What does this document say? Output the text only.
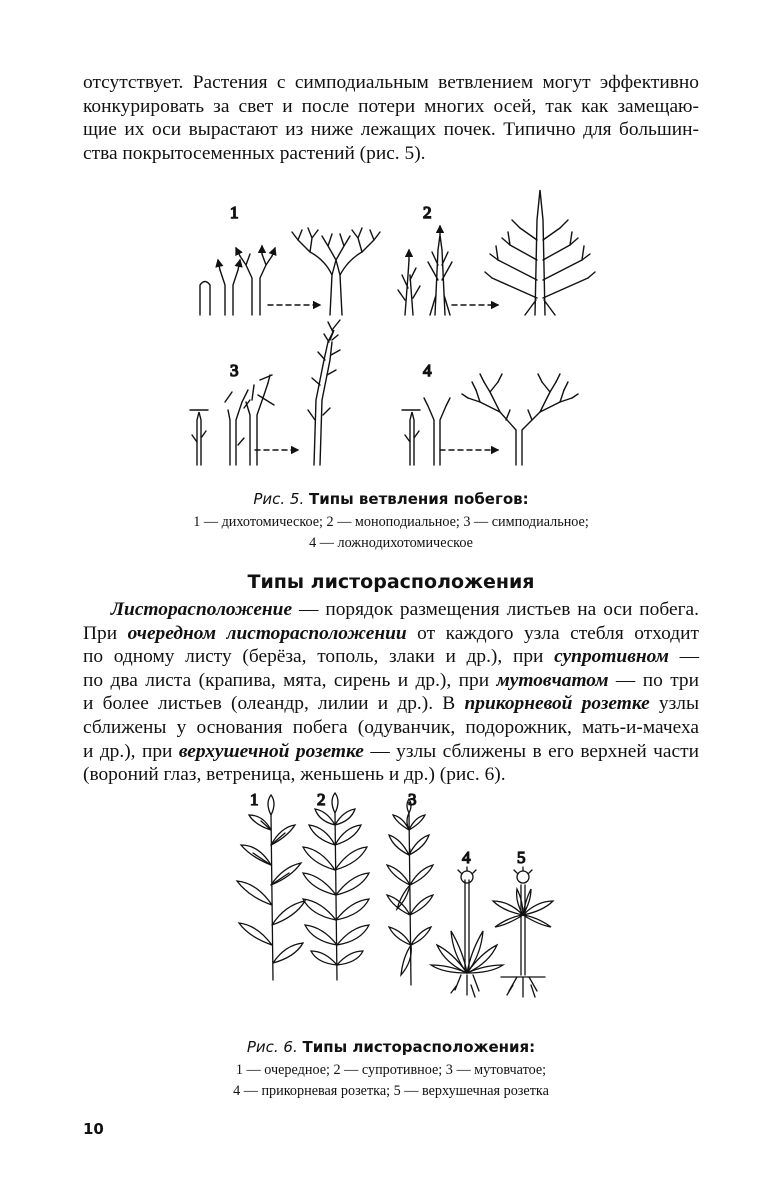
отсутствует. Растения с симподиальным ветвлением могут эффективно
конкурировать за свет и после потери многих осей, так как замещаю-
щие их оси вырастают из ниже лежащих почек. Типично для большин-
ства покрытосеменных растений (рис. 5).
1	2
3	4
Рис. 5. Типы ветвления побегов:
1 — дихотомическое; 2 — моноподиальное; 3 — симподиальное;
4 — ложнодихотомическое
Типы листорасположения
Листорасположение — порядок размещения листьев на оси побега.
При очередном листорасположении от каждого узла стебля отходит
по одному листу (берёза, тополь, злаки и др.), при супротивном —
по два листа (крапива, мята, сирень и др.), при мутовчатом — по три
и более листьев (олеандр, лилии и др.). В прикорневой розетке узлы
сближены у основания побега (одуванчик, подорожник, мать-и-мачеха
и др.), при верхушечной розетке — узлы сближены в его верхней части
(вороний глаз, ветреница, женьшень и др.) (рис. 6).
1	2	3
4	5
Рис. 6. Типы листорасположения:
1 — очередное; 2 — супротивное; 3 — мутовчатое;
4 — прикорневая розетка; 5 — верхушечная розетка
10
